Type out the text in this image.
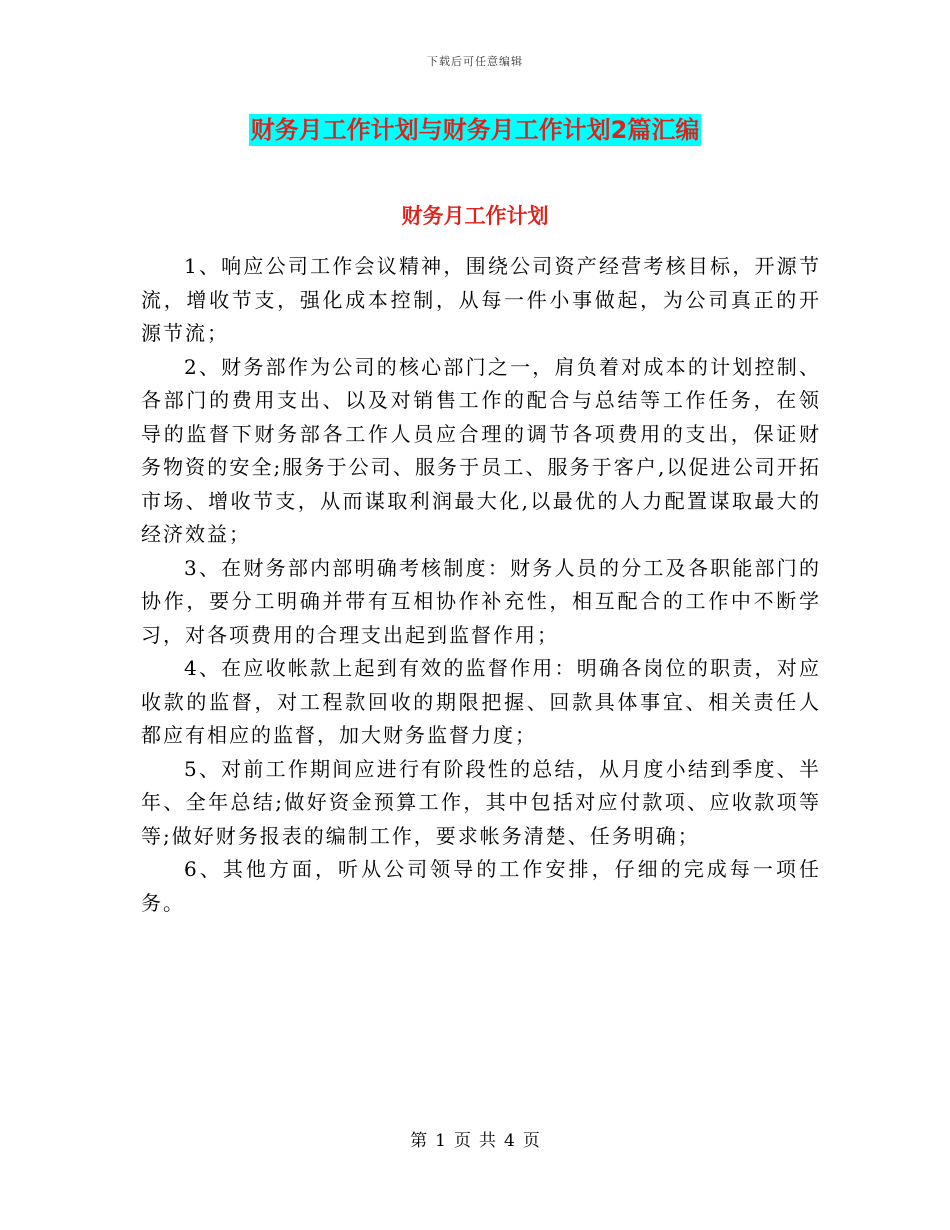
下载后可任意编辑
财务月工作计划与财务月工作计划2篇汇编
财务月工作计划

1、响应公司工作会议精神，围绕公司资产经营考核目标，开源节流，增收节支，强化成本控制，从每一件小事做起，为公司真正的开源节流；

2、财务部作为公司的核心部门之一，肩负着对成本的计划控制、各部门的费用支出、以及对销售工作的配合与总结等工作任务，在领导的监督下财务部各工作人员应合理的调节各项费用的支出，保证财务物资的安全;服务于公司、服务于员工、服务于客户,以促进公司开拓市场、增收节支，从而谋取利润最大化,以最优的人力配置谋取最大的经济效益；

3、在财务部内部明确考核制度：财务人员的分工及各职能部门的协作，要分工明确并带有互相协作补充性，相互配合的工作中不断学习，对各项费用的合理支出起到监督作用；

4、在应收帐款上起到有效的监督作用：明确各岗位的职责，对应收款的监督，对工程款回收的期限把握、回款具体事宜、相关责任人都应有相应的监督，加大财务监督力度；

5、对前工作期间应进行有阶段性的总结，从月度小结到季度、半年、全年总结;做好资金预算工作，其中包括对应付款项、应收款项等等;做好财务报表的编制工作，要求帐务清楚、任务明确；

6、其他方面，听从公司领导的工作安排，仔细的完成每一项任务。

第 1 页 共 4 页
